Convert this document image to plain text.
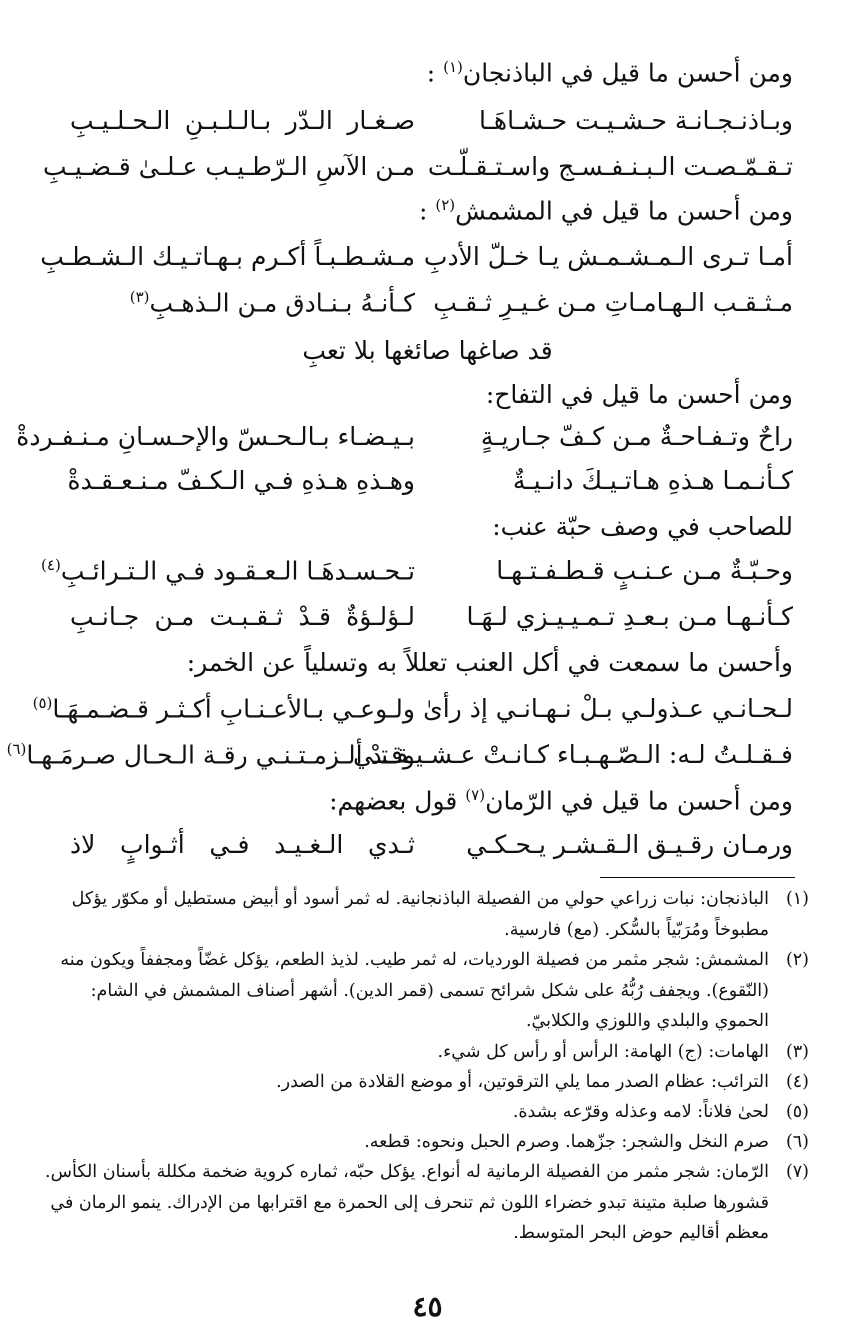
ومن أحسن ما قيل في الباذنجان$^{(١)}$ :
وبـاذنـجـانـة حـشـيـت حـشـاهَـا
صـغـار الـدّر بـالـلـبـنِ الـحـلـيـبِ
تـقـمّـصـت الـبـنـفـسـج واسـتـقـلّـت
مـن الآسِ الـرّطـيـب عـلـىٰ قـضـيـبِ
ومن أحسن ما قيل في المشمش$^{(٢)}$ :
أمـا تـرى الـمـشـمـش يـا خـلّ الأدبِ
مـشـطـبـاً أكـرم بـهـاتـيـك الـشـطـبِ
مـثـقـب الـهـامـاتِ مـن غـيـرِ ثـقـبِ
كـأنـهُ بـنـادق مـن الـذهـبِ$^{(٣)}$
قد صاغها صائغها بلا تعبِ
ومن أحسن ما قيل في التفاح:
راحٌ وتـفـاحـةٌ مـن كـفّ جـاريـةٍ
بـيـضـاء بـالـحـسّ والإحـسـانِ مـنـفـردةْ
كـأنـمـا هـذهِ هـاتـيـكَ دانـيـةٌ
وهـذهِ هـذهِ فـي الـكـفّ مـنـعـقـدةْ
للصاحب في وصف حبّة عنب:
وحـبّـةٌ مـن عـنـبٍ قـطـفـتـهـا
تـحـسـدهَـا الـعـقـود فـي الـتـرائـبِ$^{(٤)}$
كـأنـهـا مـن بـعـدِ تـمـيـيـزي لـهَـا
لـؤلـؤةٌ قـدْ ثـقـبـت مـن جـانـبِ
وأحسن ما سمعت في أكل العنب تعللاً به وتسلياً عن الخمر:
لـحـانـي عـذولـي بـلْ نـهـانـي إذ رأىٰ
ولـوعـي بـالأعـنـابِ أكـثـر قـضـمـهَـا$^{(٥)}$
فـقـلـتُ لـه: الـصّـهـبـاء كـانـتْ عـشـيـقـتـي
وقـدْ ألـزمـتـنـي رقـة الـحـال صـرمَـهـا$^{(٦)}$
ومن أحسن ما قيل في الرّمان$^{(٧)}$ قول بعضهم:
ورمـان رقـيـق الـقـشـر يـحـكـي
ثـدي الـغـيـد فـي أثـوابٍ لاذ
(١)الباذنجان: نبات زراعي حولي من الفصيلة الباذنجانية. له ثمر أسود أو أبيض مستطيل أو مكوّر يؤكل
مطبوخاً ومُرَبّياً بالسُّكر. (مع) فارسية.
(٢)المشمش: شجر مثمر من فصيلة الورديات، له ثمر طيب. لذيذ الطعم، يؤكل غضّاً ومجففاً ويكون منه
(النّقوع). ويجفف رُبُّهُ على شكل شرائح تسمى (قمر الدين). أشهر أصناف المشمش في الشام:
الحموي والبلدي واللوزي والكلابيّ.
(٣)الهامات: (ج) الهامة: الرأس أو رأس كل شيء.
(٤)الترائب: عظام الصدر مما يلي الترقوتين، أو موضع القلادة من الصدر.
(٥)لحىٰ فلاناً: لامه وعذله وقرّعه بشدة.
(٦)صرم النخل والشجر: جزّهما. وصرم الحبل ونحوه: قطعه.
(٧)الرّمان: شجر مثمر من الفصيلة الرمانية له أنواع. يؤكل حبّه، ثماره كروية ضخمة مكللة بأسنان الكأس.
قشورها صلبة متينة تبدو خضراء اللون ثم تنحرف إلى الحمرة مع اقترابها من الإدراك. ينمو الرمان في
معظم أقاليم حوض البحر المتوسط.
٤٥
